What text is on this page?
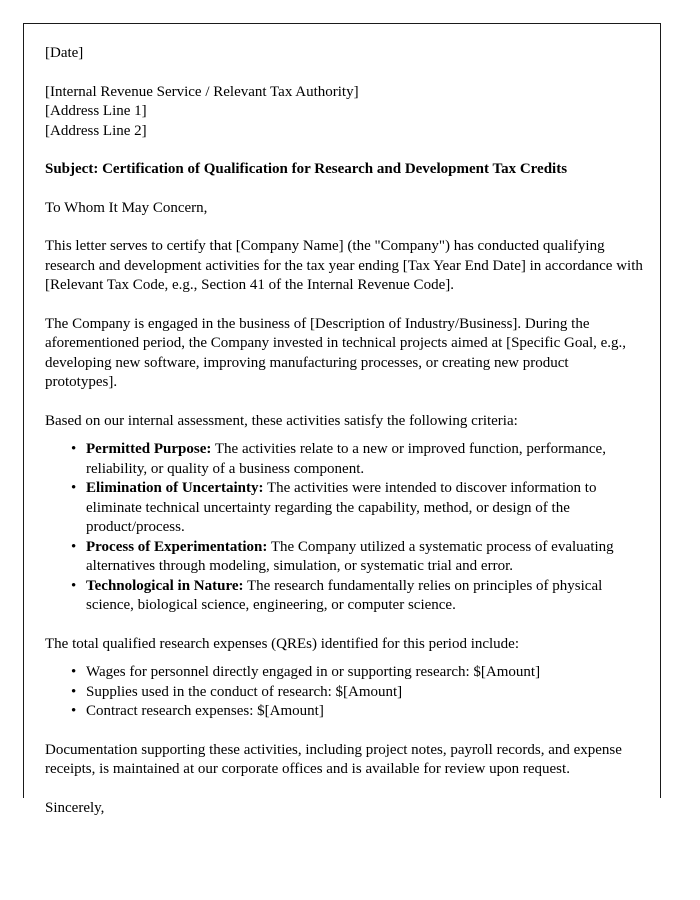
[Date]

[Internal Revenue Service / Relevant Tax Authority]
[Address Line 1]
[Address Line 2]

Subject: Certification of Qualification for Research and Development Tax Credits

To Whom It May Concern,

This letter serves to certify that [Company Name] (the "Company") has conducted qualifying research and development activities for the tax year ending [Tax Year End Date] in accordance with [Relevant Tax Code, e.g., Section 41 of the Internal Revenue Code].

The Company is engaged in the business of [Description of Industry/Business]. During the aforementioned period, the Company invested in technical projects aimed at [Specific Goal, e.g., developing new software, improving manufacturing processes, or creating new product prototypes].

Based on our internal assessment, these activities satisfy the following criteria:

• Permitted Purpose: The activities relate to a new or improved function, performance, reliability, or quality of a business component.
• Elimination of Uncertainty: The activities were intended to discover information to eliminate technical uncertainty regarding the capability, method, or design of the product/process.
• Process of Experimentation: The Company utilized a systematic process of evaluating alternatives through modeling, simulation, or systematic trial and error.
• Technological in Nature: The research fundamentally relies on principles of physical science, biological science, engineering, or computer science.

The total qualified research expenses (QREs) identified for this period include:

• Wages for personnel directly engaged in or supporting research: $[Amount]
• Supplies used in the conduct of research: $[Amount]
• Contract research expenses: $[Amount]

Documentation supporting these activities, including project notes, payroll records, and expense receipts, is maintained at our corporate offices and is available for review upon request.

Sincerely,
